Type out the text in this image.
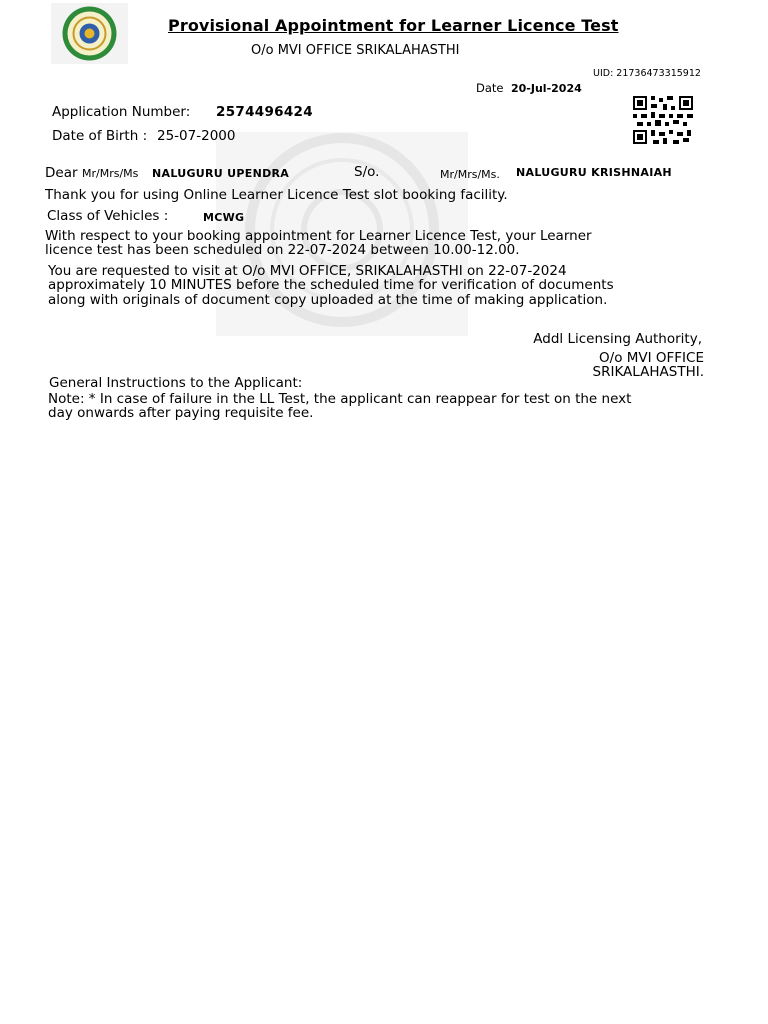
Provisional Appointment for Learner Licence Test
O/o MVI OFFICE SRIKALAHASTHI
UID: 21736473315912
Date 20-Jul-2024
Application Number: 2574496424
Date of Birth : 25-07-2000
Dear Mr/Mrs/Ms NALUGURU UPENDRA	S/o.	Mr/Mrs/Ms. NALUGURU KRISHNAIAH
Thank you for using Online Learner Licence Test slot booking facility.
Class of Vehicles :	MCWG
With respect to your booking appointment for Learner Licence Test, your Learner
licence test has been scheduled on 22-07-2024 between 10.00-12.00.
You are requested to visit at O/o MVI OFFICE, SRIKALAHASTHI on 22-07-2024
approximately 10 MINUTES before the scheduled time for verification of documents
along with originals of document copy uploaded at the time of making application.
Addl Licensing Authority,
O/o MVI OFFICE
SRIKALAHASTHI.
General Instructions to the Applicant:
Note: * In case of failure in the LL Test, the applicant can reappear for test on the next
day onwards after paying requisite fee.
